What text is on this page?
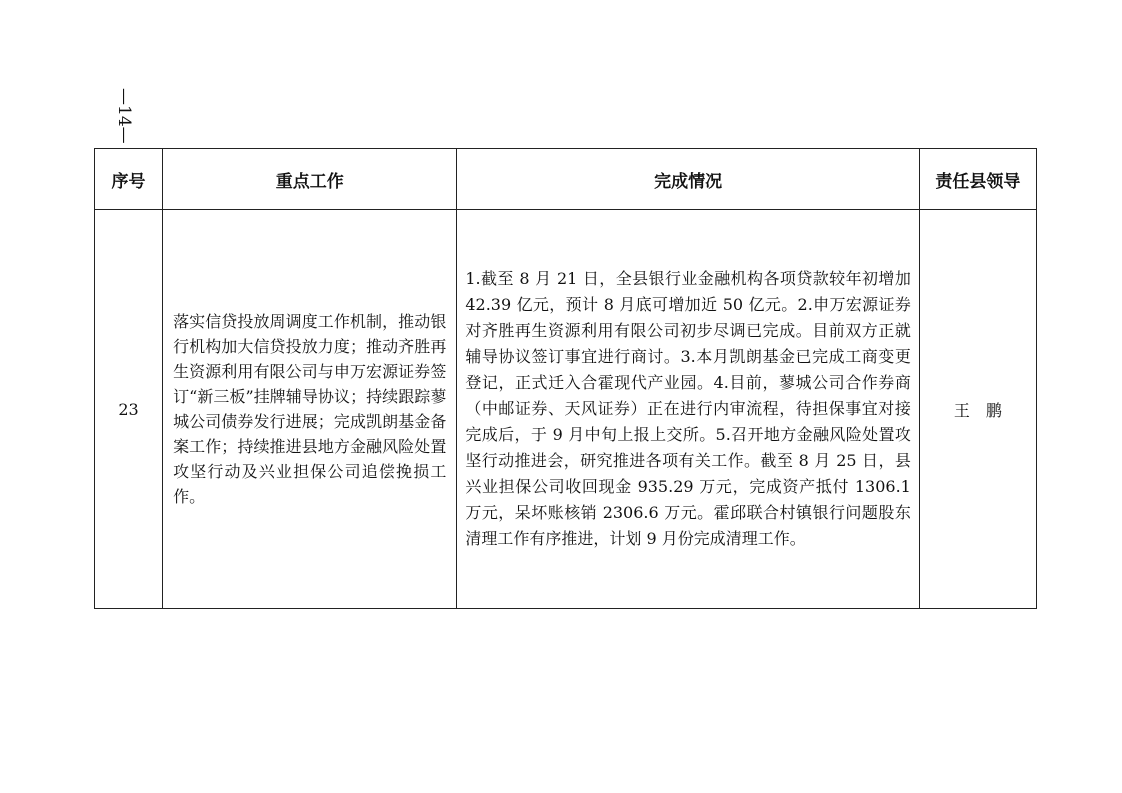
—14—
序号	重点工作	完成情况	责任县领导
23	落实信贷投放周调度工作机制，推动银行机构加大信贷投放力度；推动齐胜再生资源利用有限公司与申万宏源证券签订“新三板”挂牌辅导协议；持续跟踪蓼城公司债券发行进展；完成凯朗基金备案工作；持续推进县地方金融风险处置攻坚行动及兴业担保公司追偿挽损工作。	1.截至 8 月 21 日，全县银行业金融机构各项贷款较年初增加 42.39 亿元，预计 8 月底可增加近 50 亿元。2.申万宏源证券对齐胜再生资源利用有限公司初步尽调已完成。目前双方正就辅导协议签订事宜进行商讨。3.本月凯朗基金已完成工商变更登记，正式迁入合霍现代产业园。4.目前，蓼城公司合作券商（中邮证券、天风证券）正在进行内审流程，待担保事宜对接完成后，于 9 月中旬上报上交所。5.召开地方金融风险处置攻坚行动推进会，研究推进各项有关工作。截至 8 月 25 日，县兴业担保公司收回现金 935.29 万元，完成资产抵付 1306.1 万元，呆坏账核销 2306.6 万元。霍邱联合村镇银行问题股东清理工作有序推进，计划 9 月份完成清理工作。	王鹏
